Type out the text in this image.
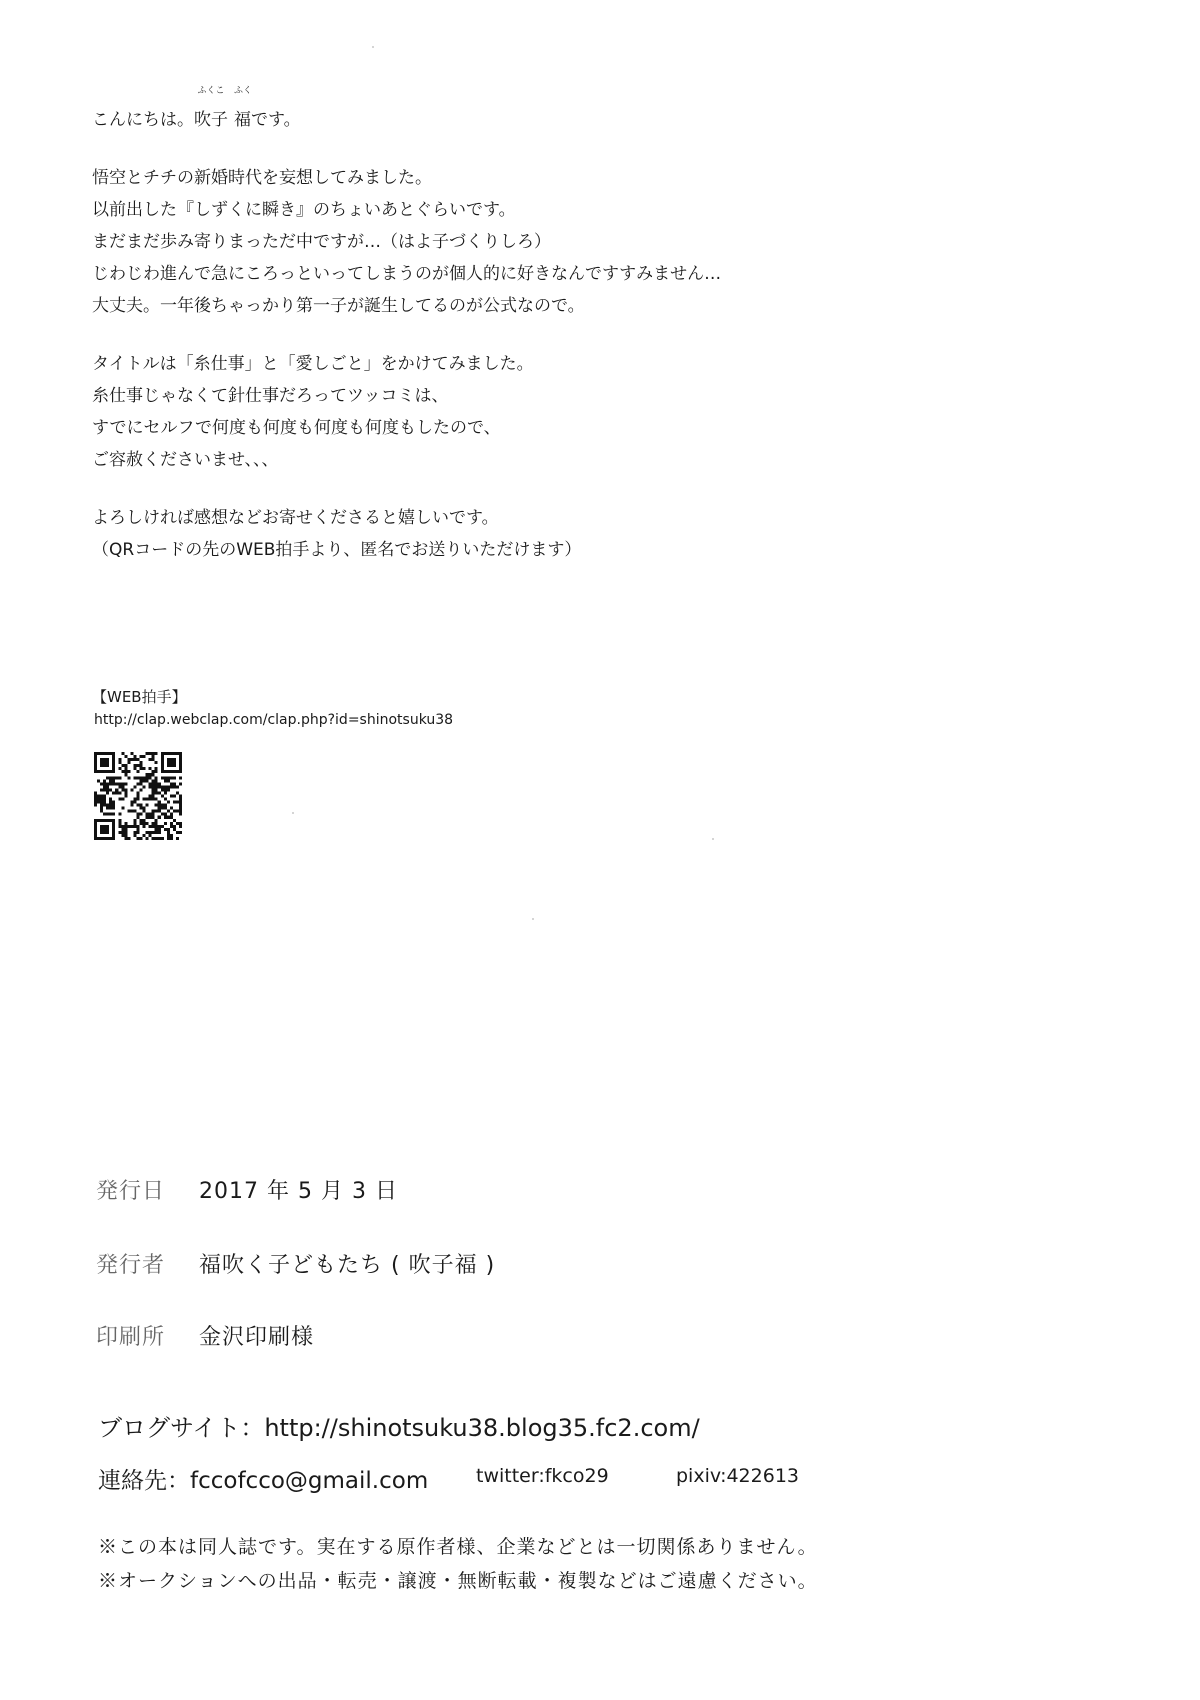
こんにちは。
ふくこ
吹子
ふく
福です。
悟空とチチの新婚時代を妄想してみました。
以前出した『しずくに瞬き』のちょいあとぐらいです。
まだまだ歩み寄りまっただ中ですが…（はよ子づくりしろ）
じわじわ進んで急にころっといってしまうのが個人的に好きなんですすみません…
大丈夫。一年後ちゃっかり第一子が誕生してるのが公式なので。
タイトルは「糸仕事」と「愛しごと」をかけてみました。
糸仕事じゃなくて針仕事だろってツッコミは、
すでにセルフで何度も何度も何度も何度もしたので、
ご容赦くださいませ、、、
よろしければ感想などお寄せくださると嬉しいです。
（QRコードの先のWEB拍手より、匿名でお送りいただけます）
【WEB拍手】
http://clap.webclap.com/clap.php?id=shinotsuku38
発行日 2017 年 5 月 3 日
発行者 福吹く子どもたち ( 吹子福 )
印刷所 金沢印刷様
ブログサイト：http://shinotsuku38.blog35.fc2.com/
連絡先：fccofcco@gmail.com	twitter:fkco29	pixiv:422613
※この本は同人誌です。実在する原作者様、企業などとは一切関係ありません。
※オークションへの出品・転売・譲渡・無断転載・複製などはご遠慮ください。
